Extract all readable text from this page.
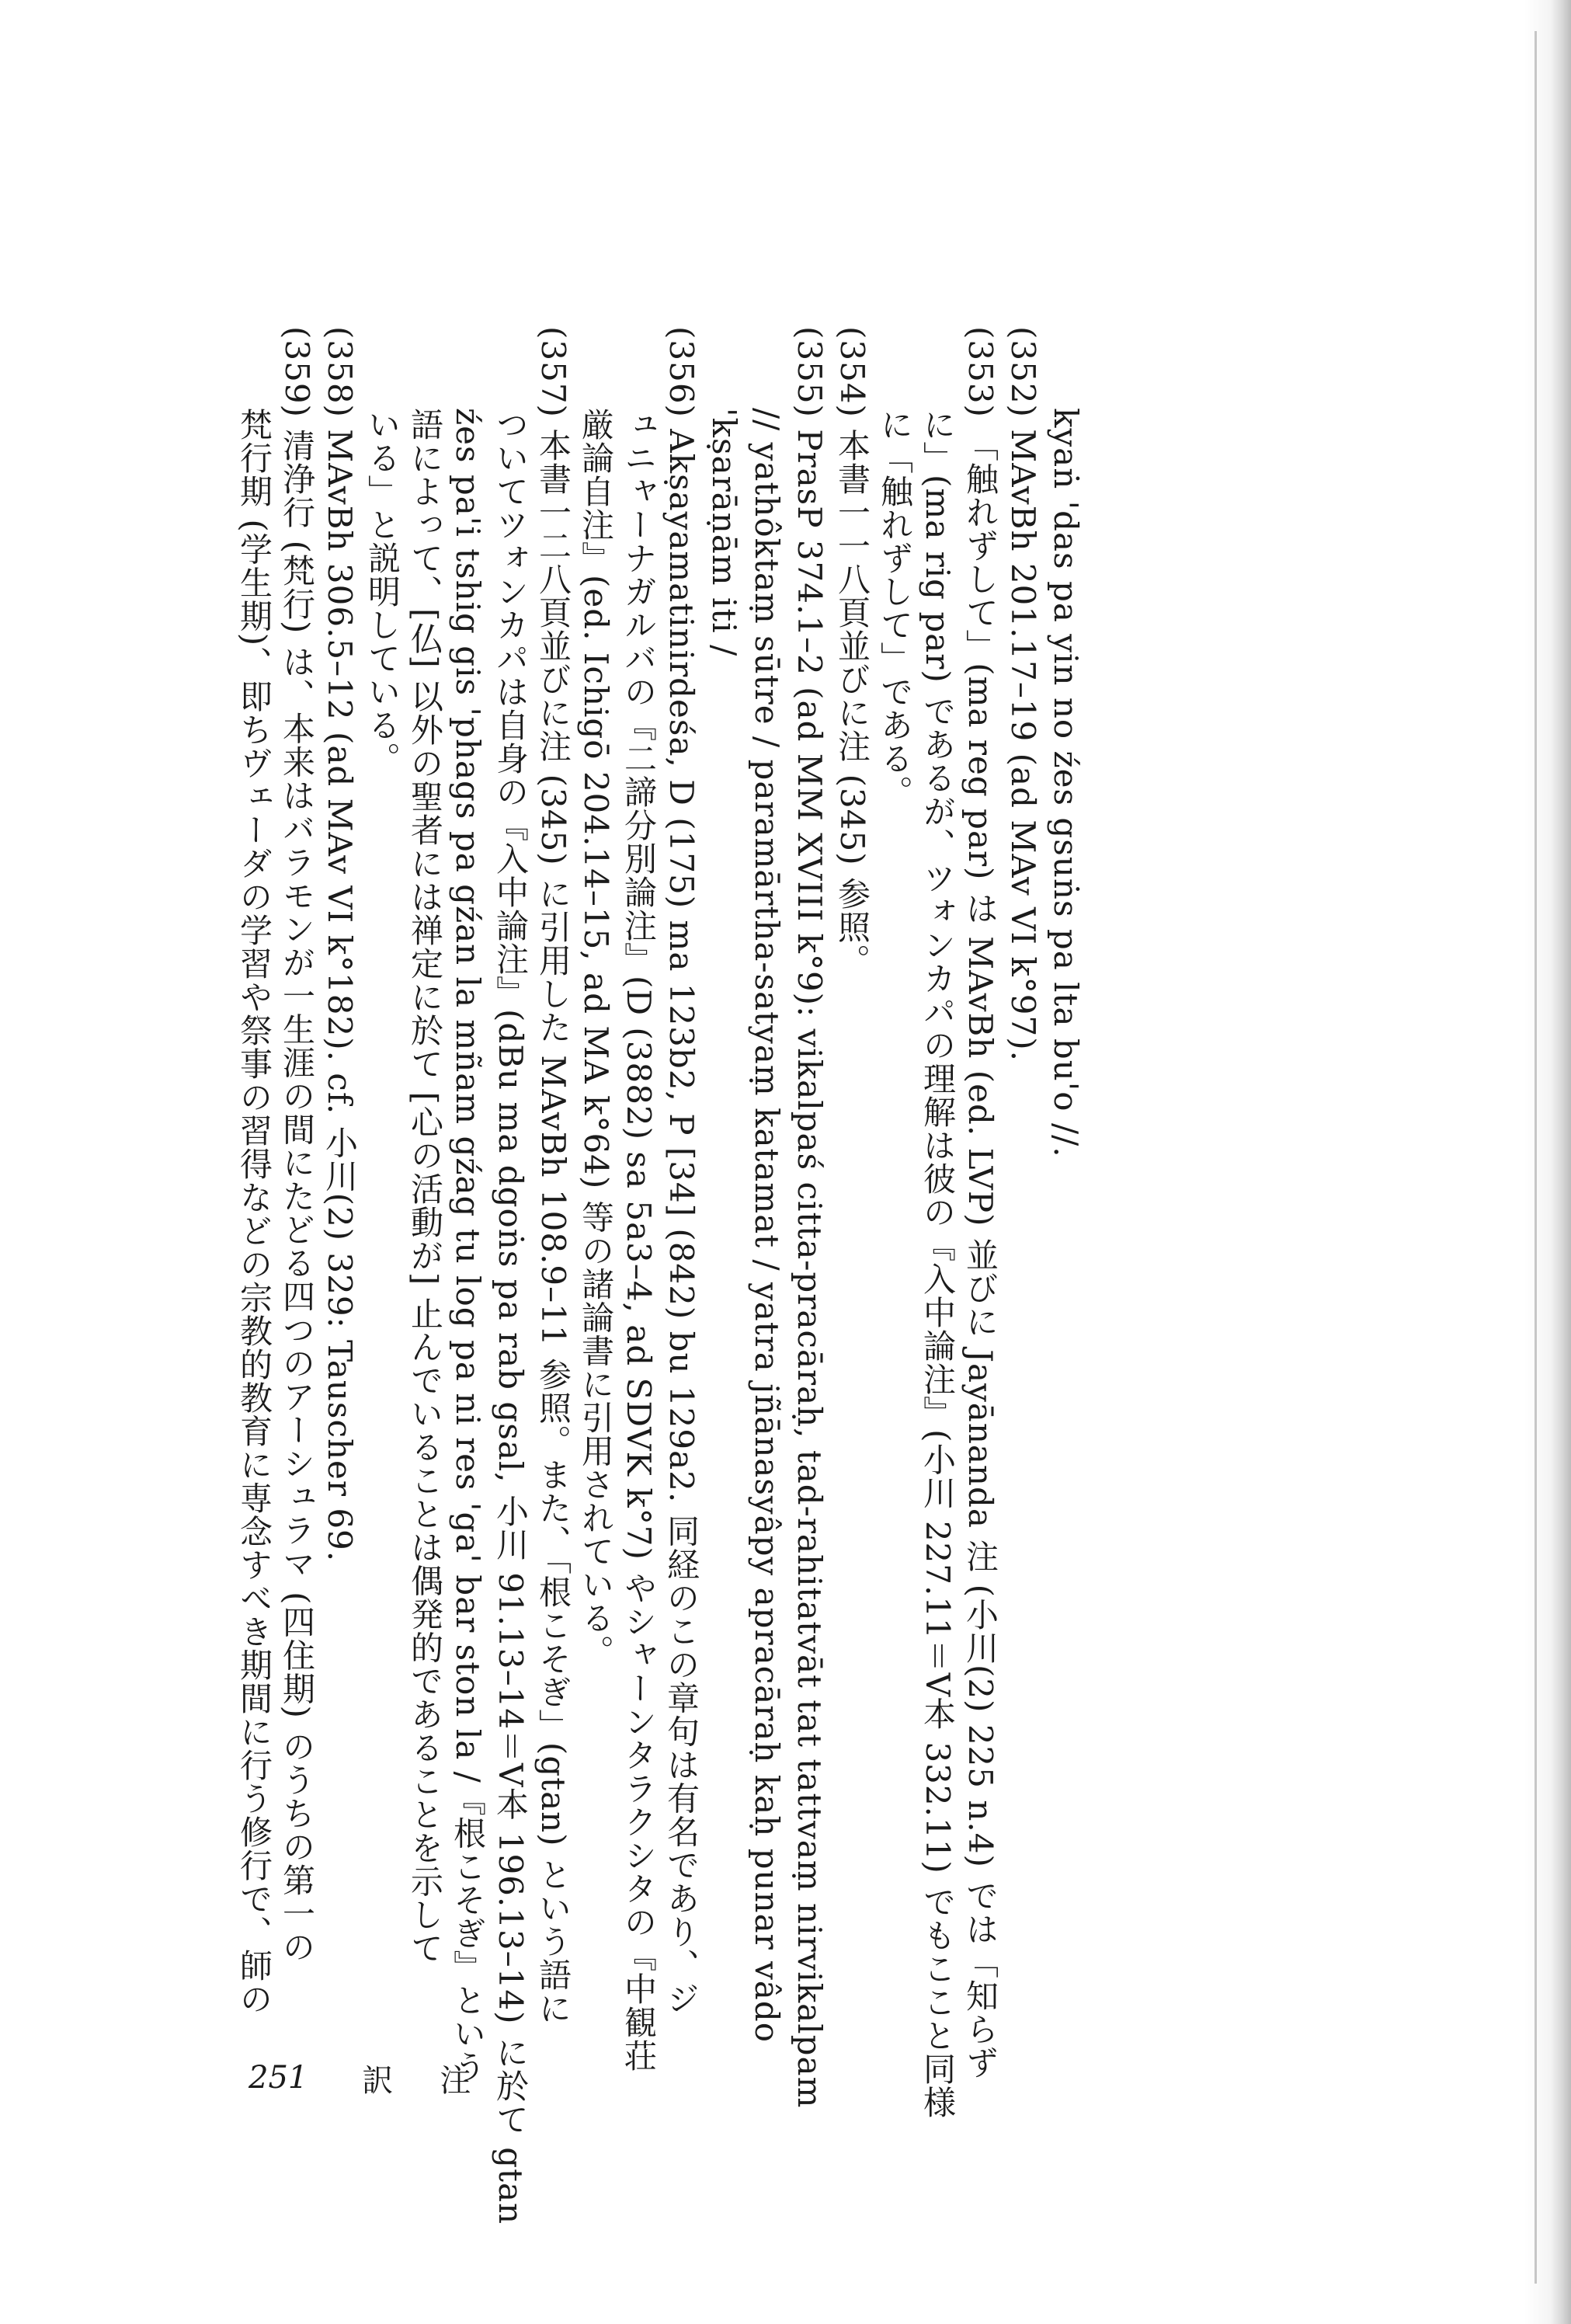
kyaṅ 'das pa yin no źes gsuṅs pa lta bu'o //.
(352) MAvBh 201.17–19 (ad MAv VI k°97).
(353) 「触れずして」(ma reg par) は MAvBh (ed. LVP) 並びに Jayānanda 注 (小川(2) 225 n.4) では「知らず
に」(ma rig par) であるが、ツォンカパの理解は彼の『入中論注』(小川 227.11＝V本 332.11) でもここと同様
に「触れずして」である。
(354) 本書一一八頁並びに注 (345) 参照。
(355) PrasP 374.1–2 (ad MM XVIII k°9): vikalpaś citta-pracāraḥ, tad-rahitatvāt tat tattvaṃ nirvikalpam
// yathôktaṃ sūtre / paramārtha-satyaṃ katamat / yatra jñānasyâpy apracāraḥ kaḥ punar vâdo
'kṣarāṇām iti /
(356) Akṣayamatinirdeśa, D (175) ma 123b2, P [34] (842) bu 129a2. 同経のこの章句は有名であり、ジ
ュニャーナガルバの『二諦分別論注』(D (3882) sa 5a3–4, ad SDVK k°7) やシャーンタラクシタの『中観荘
厳論自注』(ed. Ichigō 204.14–15, ad MA k°64) 等の諸論書に引用されている。
(357) 本書一二八頁並びに注 (345) に引用した MAvBh 108.9–11 参照。また、「根こそぎ」(gtan) という語に
ついてツォンカパは自身の『入中論注』(dBu ma dgoṅs pa rab gsal, 小川 91.13–14＝V本 196.13–14) に於て gtan
źes pa'i tshig gis 'phags pa gźan la mñam gźag tu log pa ni res 'ga' bar ston la /『根こそぎ』という
語によって、[仏] 以外の聖者には禅定に於て [心の活動が] 止んでいることは偶発的であることを示して
いる」と説明している。
(358) MAvBh 306.5–12 (ad MAv VI k°182). cf. 小川(2) 329: Tauscher 69.
(359) 清浄行 (梵行) は、本来はバラモンが一生涯の間にたどる四つのアーシュラマ (四住期) のうちの第一の
梵行期 (学生期)、即ちヴェーダの学習や祭事の習得などの宗教的教育に専念すべき期間に行う修行で、師の
251 訳注
